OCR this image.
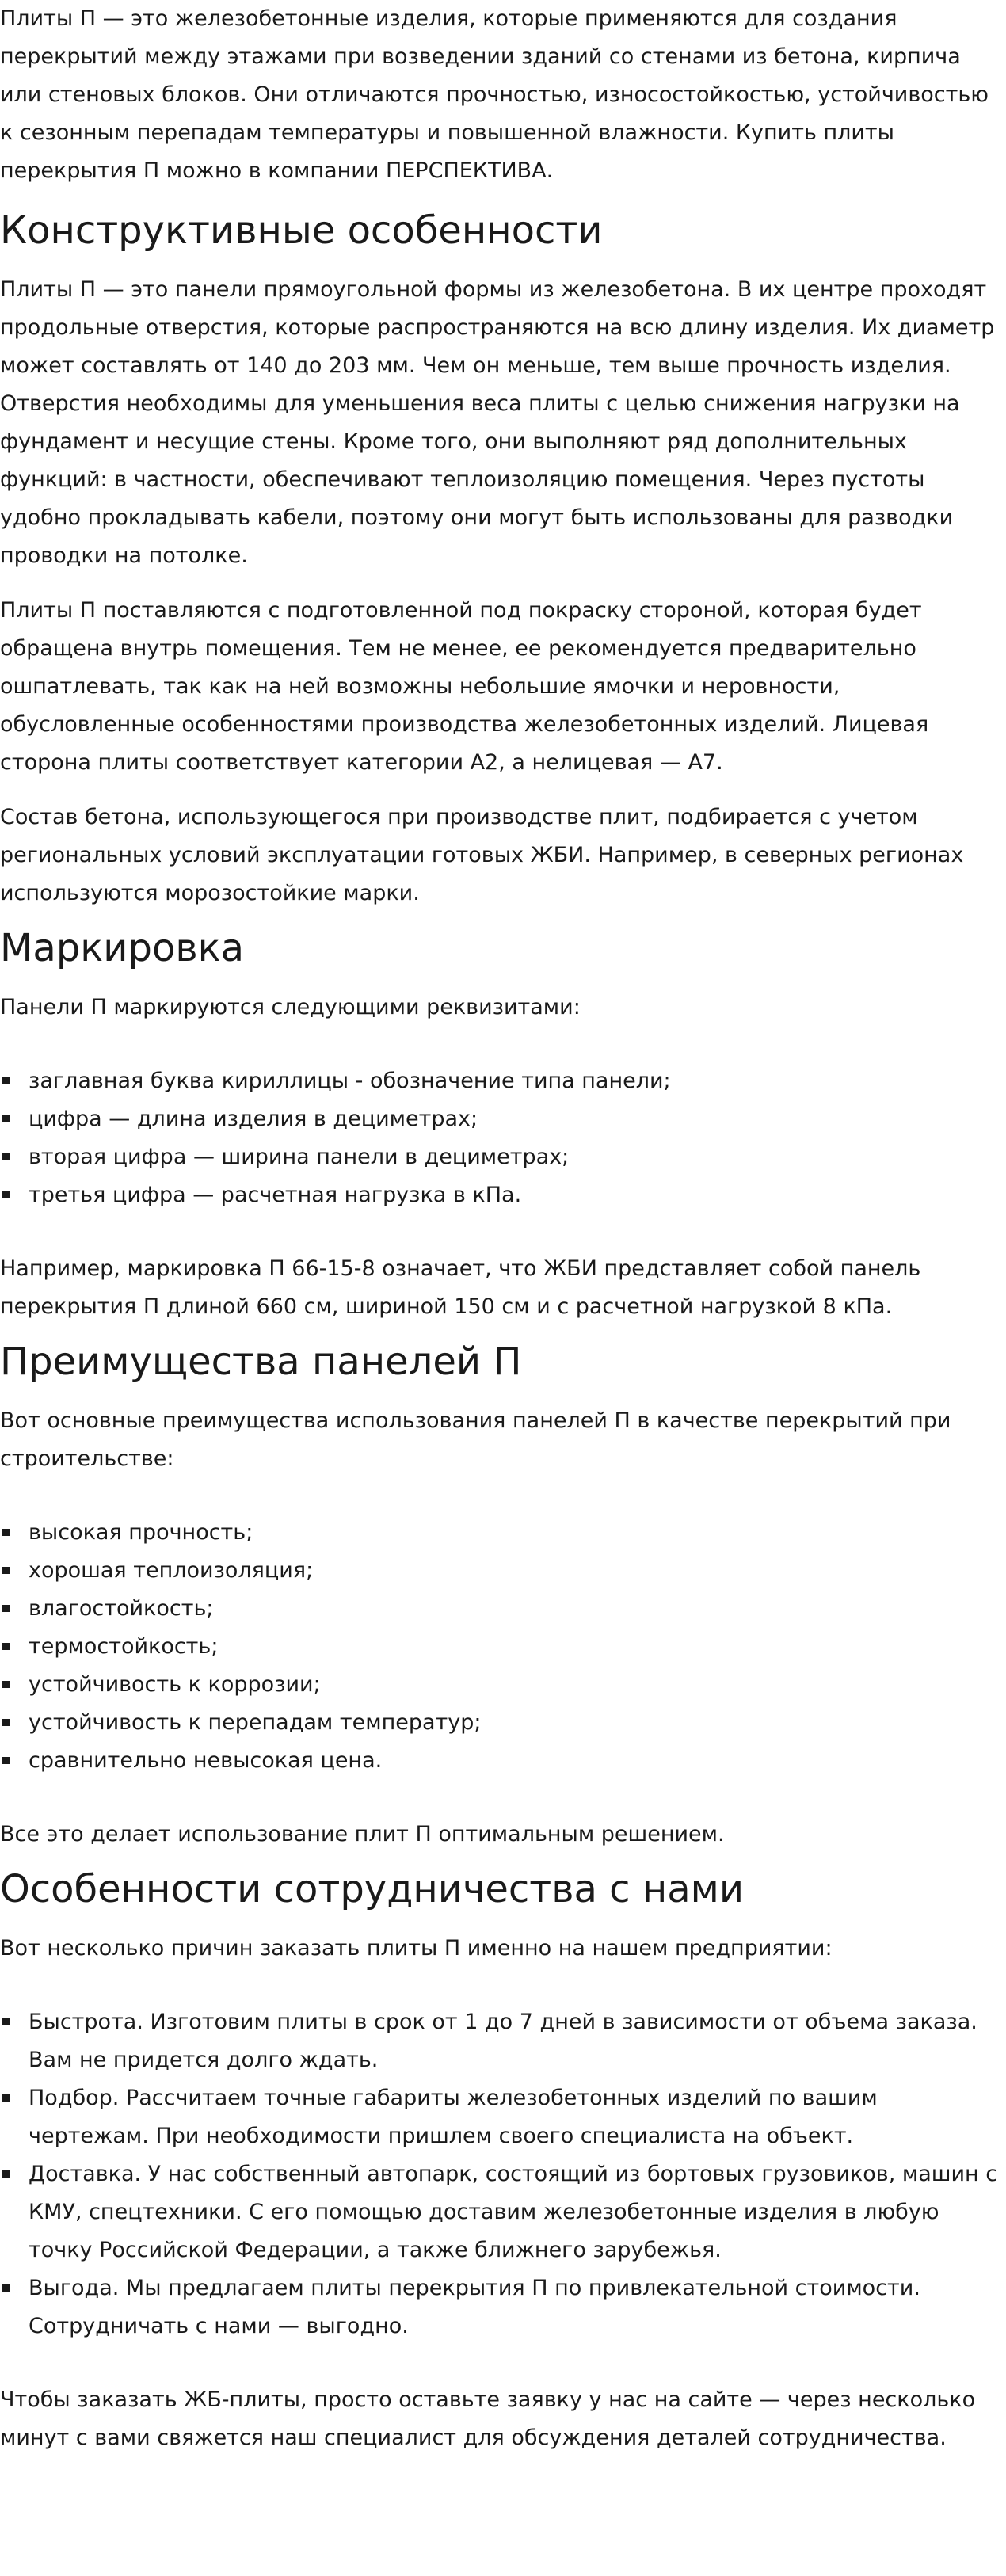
Плиты П — это железобетонные изделия, которые применяются для создания перекрытий между этажами при возведении зданий со стенами из бетона, кирпича или стеновых блоков. Они отличаются прочностью, износостойкостью, устойчивостью к сезонным перепадам температуры и повышенной влажности. Купить плиты перекрытия П можно в компании ПЕРСПЕКТИВА.

Конструктивные особенности

Плиты П — это панели прямоугольной формы из железобетона. В их центре проходят продольные отверстия, которые распространяются на всю длину изделия. Их диаметр может составлять от 140 до 203 мм. Чем он меньше, тем выше прочность изделия. Отверстия необходимы для уменьшения веса плиты с целью снижения нагрузки на фундамент и несущие стены. Кроме того, они выполняют ряд дополнительных функций: в частности, обеспечивают теплоизоляцию помещения. Через пустоты удобно прокладывать кабели, поэтому они могут быть использованы для разводки проводки на потолке.

Плиты П поставляются с подготовленной под покраску стороной, которая будет обращена внутрь помещения. Тем не менее, ее рекомендуется предварительно ошпатлевать, так как на ней возможны небольшие ямочки и неровности, обусловленные особенностями производства железобетонных изделий. Лицевая сторона плиты соответствует категории А2, а нелицевая — А7.

Состав бетона, использующегося при производстве плит, подбирается с учетом региональных условий эксплуатации готовых ЖБИ. Например, в северных регионах используются морозостойкие марки.

Маркировка

Панели П маркируются следующими реквизитами:

заглавная буква кириллицы - обозначение типа панели;
цифра — длина изделия в дециметрах;
вторая цифра — ширина панели в дециметрах;
третья цифра — расчетная нагрузка в кПа.

Например, маркировка П 66-15-8 означает, что ЖБИ представляет собой панель перекрытия П длиной 660 см, шириной 150 см и с расчетной нагрузкой 8 кПа.

Преимущества панелей П

Вот основные преимущества использования панелей П в качестве перекрытий при строительстве:

высокая прочность;
хорошая теплоизоляция;
влагостойкость;
термостойкость;
устойчивость к коррозии;
устойчивость к перепадам температур;
сравнительно невысокая цена.

Все это делает использование плит П оптимальным решением.

Особенности сотрудничества с нами

Вот несколько причин заказать плиты П именно на нашем предприятии:

Быстрота. Изготовим плиты в срок от 1 до 7 дней в зависимости от объема заказа. Вам не придется долго ждать.
Подбор. Рассчитаем точные габариты железобетонных изделий по вашим чертежам. При необходимости пришлем своего специалиста на объект.
Доставка. У нас собственный автопарк, состоящий из бортовых грузовиков, машин с КМУ, спецтехники. С его помощью доставим железобетонные изделия в любую точку Российской Федерации, а также ближнего зарубежья.
Выгода. Мы предлагаем плиты перекрытия П по привлекательной стоимости. Сотрудничать с нами — выгодно.

Чтобы заказать ЖБ-плиты, просто оставьте заявку у нас на сайте — через несколько минут с вами свяжется наш специалист для обсуждения деталей сотрудничества.
